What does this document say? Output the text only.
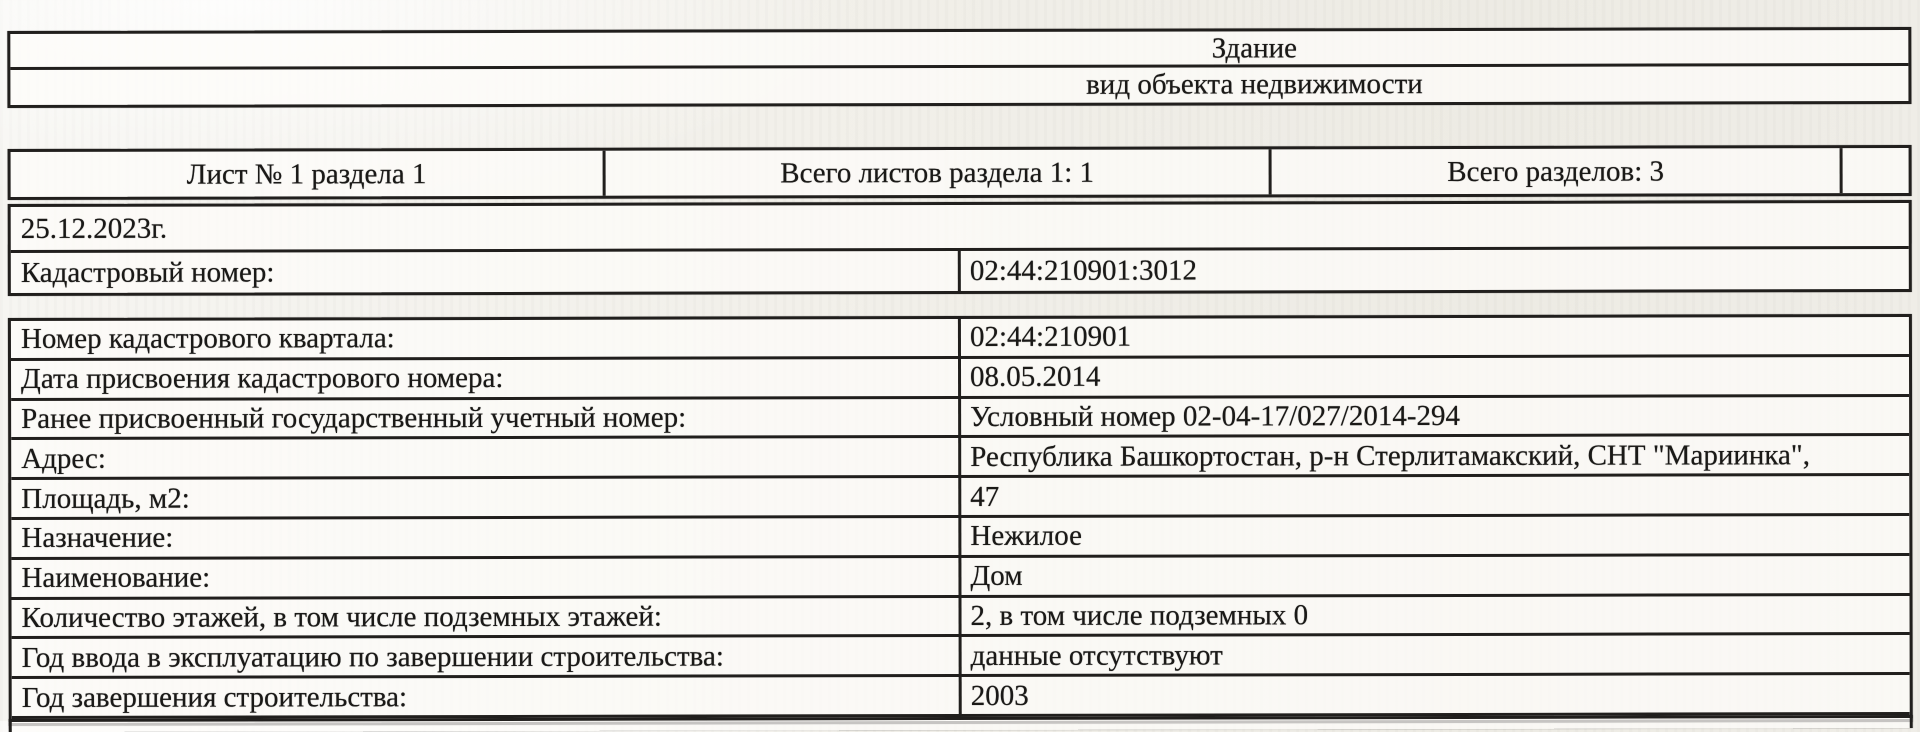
Здание
вид объекта недвижимости
Лист № 1 раздела 1	Всего листов раздела 1: 1	Всего разделов: 3
25.12.2023г.
Кадастровый номер:	02:44:210901:3012
Номер кадастрового квартала:	02:44:210901
Дата присвоения кадастрового номера:	08.05.2014
Ранее присвоенный государственный учетный номер:	Условный номер 02-04-17/027/2014-294
Адрес:	Республика Башкортостан, р-н Стерлитамакский, СНТ "Мариинка",
Площадь, м2:	47
Назначение:	Нежилое
Наименование:	Дом
Количество этажей, в том числе подземных этажей:	2, в том числе подземных 0
Год ввода в эксплуатацию по завершении строительства:	данные отсутствуют
Год завершения строительства:	2003
